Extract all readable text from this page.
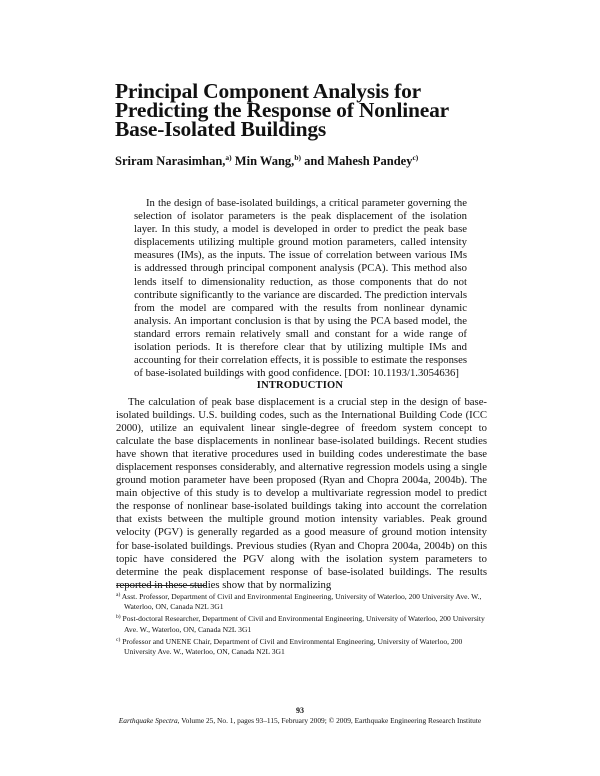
Principal Component Analysis for
Predicting the Response of Nonlinear
Base-Isolated Buildings
Sriram Narasimhan,$^{a)}$ Min Wang,$^{b)}$ and Mahesh Pandey$^{c)}$

In the design of base-isolated buildings, a critical parameter governing the selection of isolator parameters is the peak displacement of the isolation layer. In this study, a model is developed in order to predict the peak base displacements utilizing multiple ground motion parameters, called intensity measures (IMs), as the inputs. The issue of correlation between various IMs is addressed through principal component analysis (PCA). This method also lends itself to dimensionality reduction, as those components that do not contribute significantly to the variance are discarded. The prediction intervals from the model are compared with the results from nonlinear dynamic analysis. An important conclusion is that by using the PCA based model, the standard errors remain relatively small and constant for a wide range of isolation periods. It is therefore clear that by utilizing multiple IMs and accounting for their correlation effects, it is possible to estimate the responses of base-isolated buildings with good confidence. [DOI: 10.1193/1.3054636]

INTRODUCTION

The calculation of peak base displacement is a crucial step in the design of base-isolated buildings. U.S. building codes, such as the International Building Code (ICC 2000), utilize an equivalent linear single-degree of freedom system concept to calculate the base displacements in nonlinear base-isolated buildings. Recent studies have shown that iterative procedures used in building codes underestimate the base displacement responses considerably, and alternative regression models using a single ground motion parameter have been proposed (Ryan and Chopra 2004a, 2004b). The main objective of this study is to develop a multivariate regression model to predict the response of nonlinear base-isolated buildings taking into account the correlation that exists between the multiple ground motion intensity variables. Peak ground velocity (PGV) is generally regarded as a good measure of ground motion intensity for base-isolated buildings. Previous studies (Ryan and Chopra 2004a, 2004b) on this topic have considered the PGV along with the isolation system parameters to determine the peak displacement response of base-isolated buildings. The results reported in these studies show that by normalizing

$^{a)}$ Asst. Professor, Department of Civil and Environmental Engineering, University of Waterloo, 200 University Ave. W., Waterloo, ON, Canada N2L 3G1

$^{b)}$ Post-doctoral Researcher, Department of Civil and Environmental Engineering, University of Waterloo, 200 University Ave. W., Waterloo, ON, Canada N2L 3G1

$^{c)}$ Professor and UNENE Chair, Department of Civil and Environmental Engineering, University of Waterloo, 200 University Ave. W., Waterloo, ON, Canada N2L 3G1

93
Earthquake Spectra, Volume 25, No. 1, pages 93–115, February 2009; © 2009, Earthquake Engineering Research Institute
